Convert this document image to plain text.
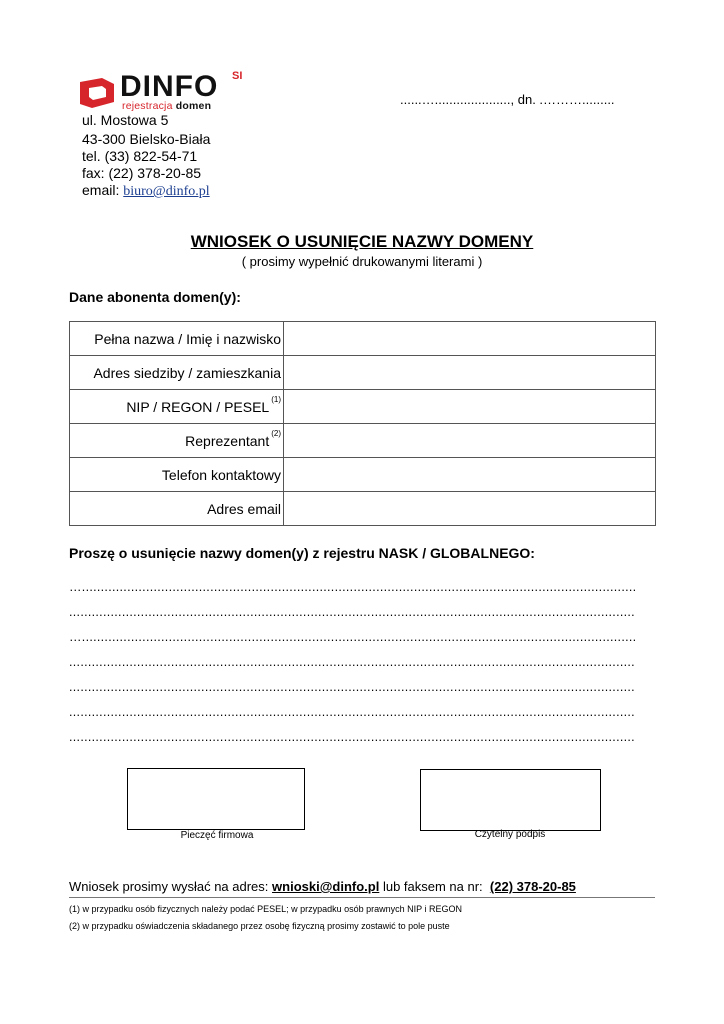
DINFO SI
rejestracja domen	......…....................., dn. .……….........
ul. Mostowa 5
43-300 Bielsko-Biała
tel. (33) 822-54-71
fax: (22) 378-20-85
email: biuro@dinfo.pl
WNIOSEK O USUNIĘCIE NAZWY DOMENY
( prosimy wypełnić drukowanymi literami )
Dane abonenta domen(y):
Pełna nazwa / Imię i nazwisko	
Adres siedziby / zamieszkania	
NIP / REGON / PESEL $^{(1)}$	
Reprezentant $^{(2)}$	
Telefon kontaktowy	
Adres email	
Proszę o usunięcie nazwy domen(y) z rejestru NASK / GLOBALNEGO:
…...................................................................................................................................................
......................................................................................................................................................
…...................................................................................................................................................
......................................................................................................................................................
......................................................................................................................................................
......................................................................................................................................................
......................................................................................................................................................
Pieczęć firmowa	Czytelny podpis
Wniosek prosimy wysłać na adres: wnioski@dinfo.pl lub faksem na nr: (22) 378-20-85
(1) w przypadku osób fizycznych należy podać PESEL; w przypadku osób prawnych NIP i REGON
(2) w przypadku oświadczenia składanego przez osobę fizyczną prosimy zostawić to pole puste
